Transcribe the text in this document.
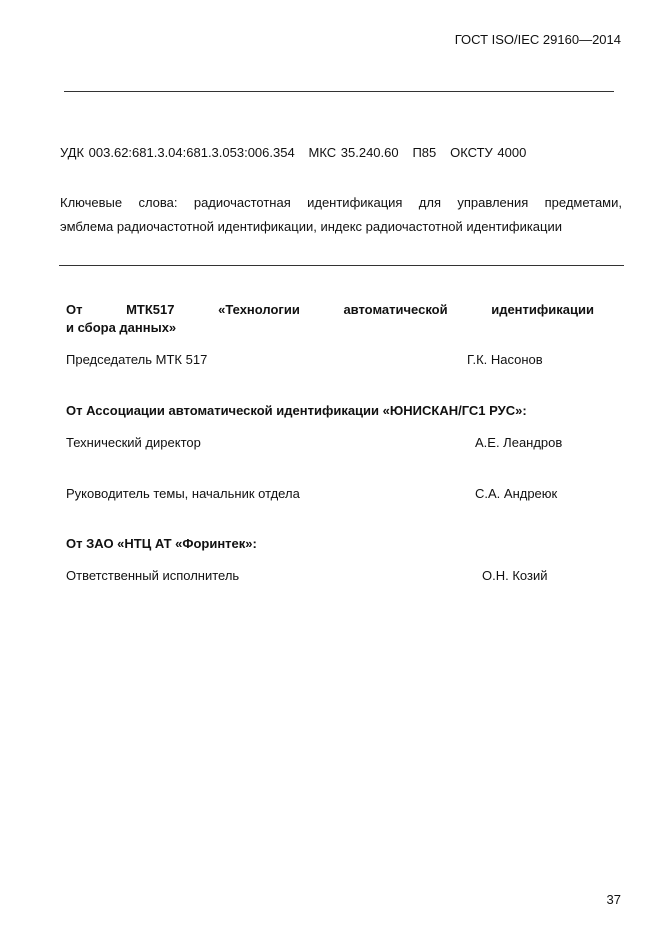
ГОСТ ISO/IEC 29160—2014
УДК 003.62:681.3.04:681.3.053:006.354   МКС 35.240.60   П85   ОКСТУ 4000
Ключевые слова: радиочастотная идентификация для управления предметами,
эмблема радиочастотной идентификации, индекс радиочастотной идентификации
От	МТК517	«Технологии	автоматической	идентификации
и сбора данных»
Председатель МТК 517	Г.К. Насонов
От Ассоциации автоматической идентификации «ЮНИСКАН/ГС1 РУС»:
Технический директор	А.Е. Леандров
Руководитель темы, начальник отдела	С.А. Андреюк
От ЗАО «НТЦ АТ «Форинтек»:
Ответственный исполнитель	О.Н. Козий
37
